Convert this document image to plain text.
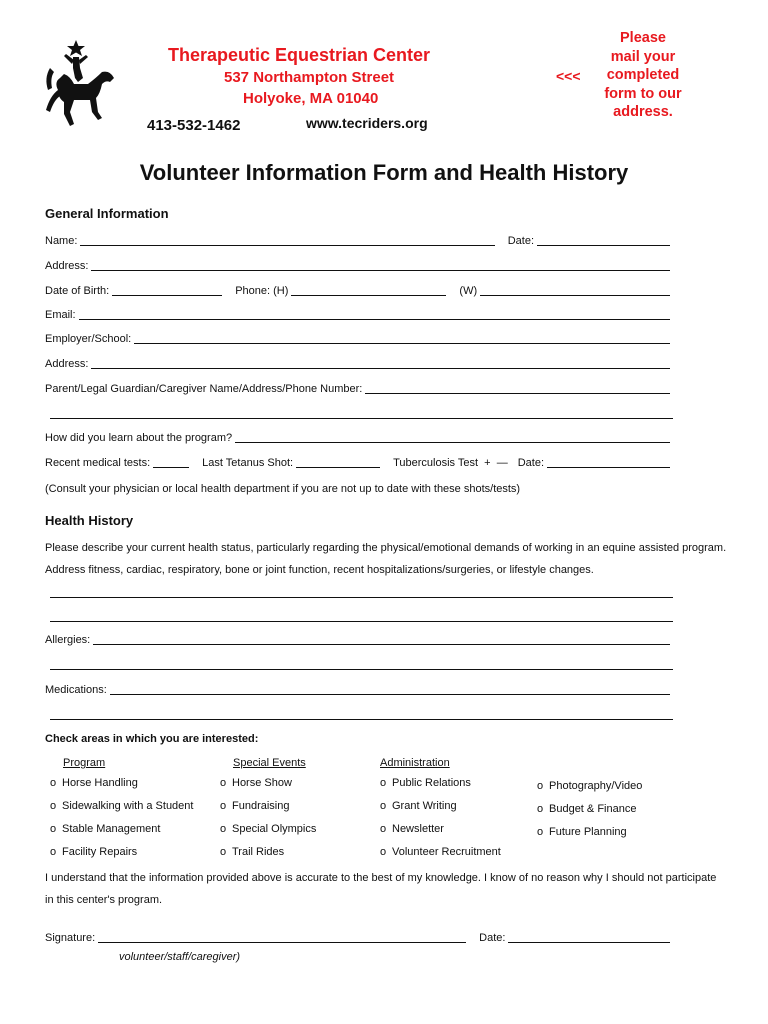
Therapeutic Equestrian Center
537 Northampton Street
Holyoke, MA 01040
413-532-1462	www.tecriders.org
<<<
Please
mail your
completed
form to our
address.
Volunteer Information Form and Health History
General Information
Name:	Date:
Address:
Date of Birth:	Phone: (H)	(W)
Email:
Employer/School:
Address:
Parent/Legal Guardian/Caregiver Name/Address/Phone Number:
How did you learn about the program?
Recent medical tests:	Last Tetanus Shot:	Tuberculosis Test  +  — Date:
(Consult your physician or local health department if you are not up to date with these shots/tests)
Health History
Please describe your current health status, particularly regarding the physical/emotional demands of working in an equine assisted program. Address fitness, cardiac, respiratory, bone or joint function, recent hospitalizations/surgeries, or lifestyle changes.
Allergies:
Medications:
Check areas in which you are interested:
Program
o Horse Handling
o Sidewalking with a Student
o Stable Management
o Facility Repairs
Special Events
o Horse Show
o Fundraising
o Special Olympics
o Trail Rides
Administration
o Public Relations
o Grant Writing
o Newsletter
o Volunteer Recruitment
o Photography/Video
o Budget & Finance
o Future Planning
I understand that the information provided above is accurate to the best of my knowledge. I know of no reason why I should not participate in this center's program.
Signature:	Date:
volunteer/staff/caregiver)
